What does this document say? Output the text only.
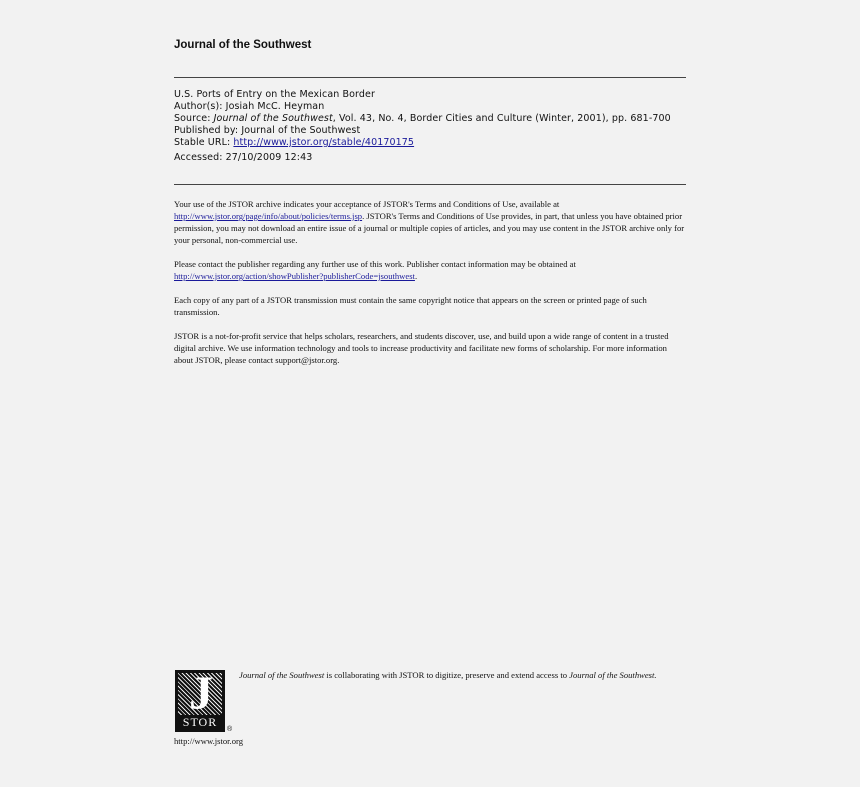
Journal of the Southwest
U.S. Ports of Entry on the Mexican Border
Author(s): Josiah McC. Heyman
Source: Journal of the Southwest, Vol. 43, No. 4, Border Cities and Culture (Winter, 2001), pp. 681-700
Published by: Journal of the Southwest
Stable URL: http://www.jstor.org/stable/40170175
Accessed: 27/10/2009 12:43

Your use of the JSTOR archive indicates your acceptance of JSTOR's Terms and Conditions of Use, available at http://www.jstor.org/page/info/about/policies/terms.jsp. JSTOR's Terms and Conditions of Use provides, in part, that unless you have obtained prior permission, you may not download an entire issue of a journal or multiple copies of articles, and you may use content in the JSTOR archive only for your personal, non-commercial use.

Please contact the publisher regarding any further use of this work. Publisher contact information may be obtained at http://www.jstor.org/action/showPublisher?publisherCode=jsouthwest.

Each copy of any part of a JSTOR transmission must contain the same copyright notice that appears on the screen or printed page of such transmission.

JSTOR is a not-for-profit service that helps scholars, researchers, and students discover, use, and build upon a wide range of content in a trusted digital archive. We use information technology and tools to increase productivity and facilitate new forms of scholarship. For more information about JSTOR, please contact support@jstor.org.

J
STOR
®
Journal of the Southwest is collaborating with JSTOR to digitize, preserve and extend access to Journal of the Southwest.
http://www.jstor.org
